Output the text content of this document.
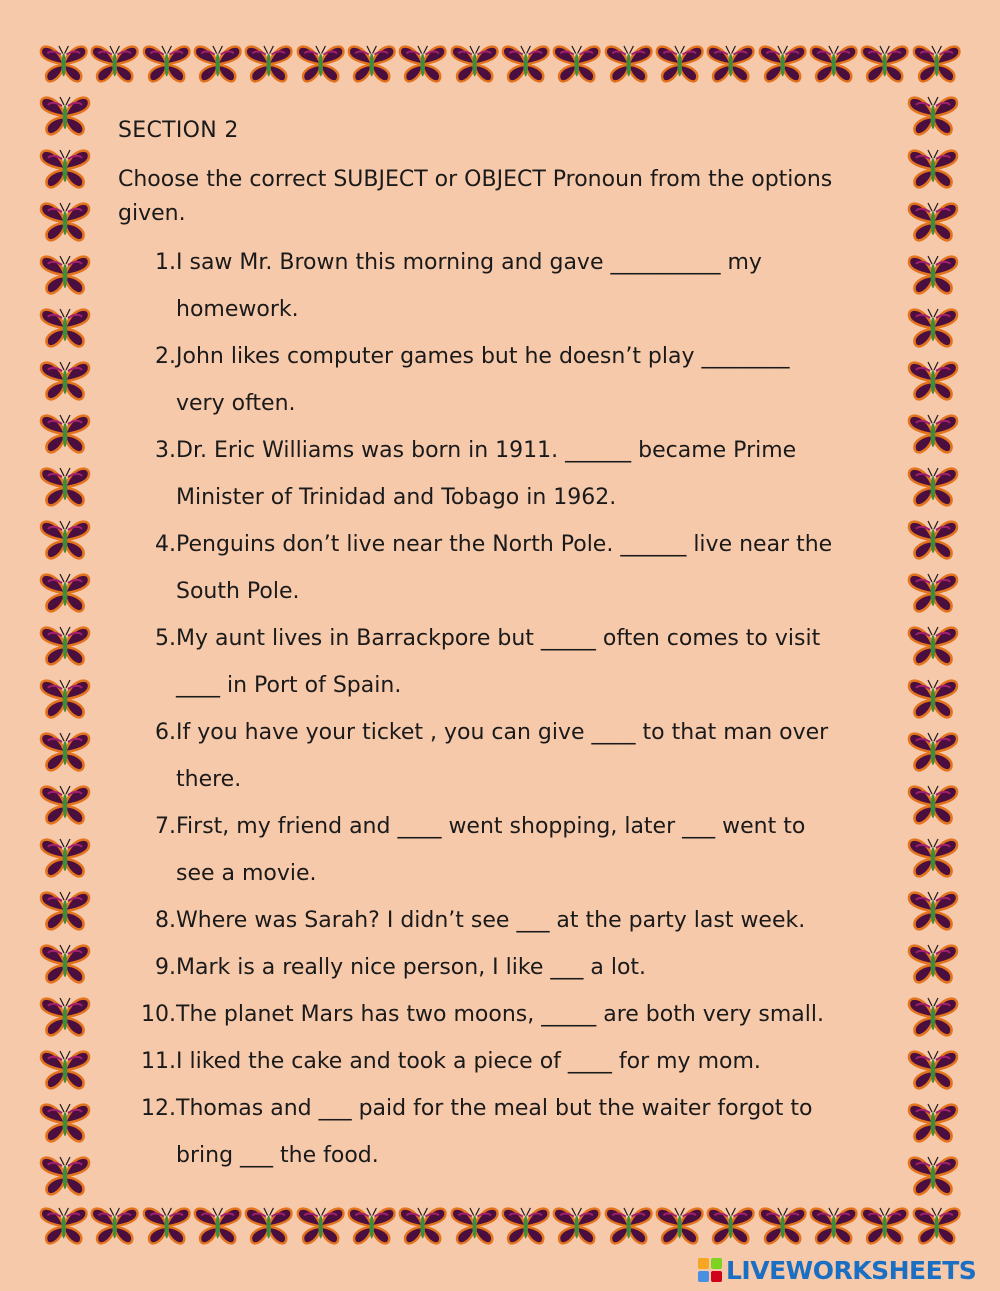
SECTION 2
Choose the correct SUBJECT or OBJECT Pronoun from the options given.
1. I saw Mr. Brown this morning and gave __________ my
homework.
2. John likes computer games but he doesn’t play ________
very often.
3. Dr. Eric Williams was born in 1911. ______ became Prime
Minister of Trinidad and Tobago in 1962.
4. Penguins don’t live near the North Pole. ______ live near the
South Pole.
5. My aunt lives in Barrackpore but _____ often comes to visit
____ in Port of Spain.
6. If you have your ticket , you can give ____ to that man over
there.
7. First, my friend and ____ went shopping, later ___ went to
see a movie.
8. Where was Sarah? I didn’t see ___ at the party last week.
9. Mark is a really nice person, I like ___ a lot.
10. The planet Mars has two moons, _____ are both very small.
11. I liked the cake and took a piece of ____ for my mom.
12. Thomas and ___ paid for the meal but the waiter forgot to
bring ___ the food.
LIVEWORKSHEETS
